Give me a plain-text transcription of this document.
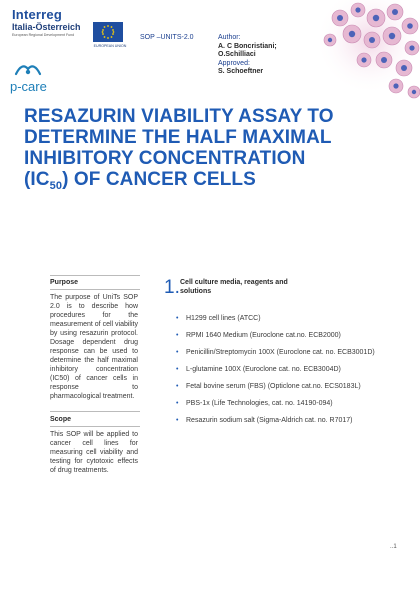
Interreg
Italia-Österreich
European Regional Development Fund
EUROPEAN UNION
p-care
SOP –UNITS-2.0	Author:
A. C Boncristiani; O.Schilliaci
Approved:
S. Schoeftner
RESAZURIN VIABILITY ASSAY TO DETERMINE THE HALF MAXIMAL INHIBITORY CONCENTRATION $(IC_{50})$ OF CANCER CELLS
Purpose

The purpose of UniTs SOP 2.0 is to describe how procedures for the measurement of cell viability by using resazurin protocol. Dosage dependent drug response can be used to determine the half maximal inhibitory concentration (IC50) of cancer cells in response to pharmacological treatment.

Scope

This SOP will be applied to cancer cell lines for measuring cell viability and testing for cytotoxic effects of drug treatments.

1. Cell culture media, reagents and solutions
• H1299 cell lines (ATCC)
• RPMI 1640 Medium (Euroclone cat.no. ECB2000)
• Penicillin/Streptomycin 100X (Euroclone cat. no. ECB3001D)
• L-glutamine 100X (Euroclone cat. no. ECB3004D)
• Fetal bovine serum (FBS) (Opticlone cat.no. ECS0183L)
• PBS-1x (Life Technologies, cat. no. 14190-094)
• Resazurin sodium salt (Sigma-Aldrich cat. no. R7017)
..1
